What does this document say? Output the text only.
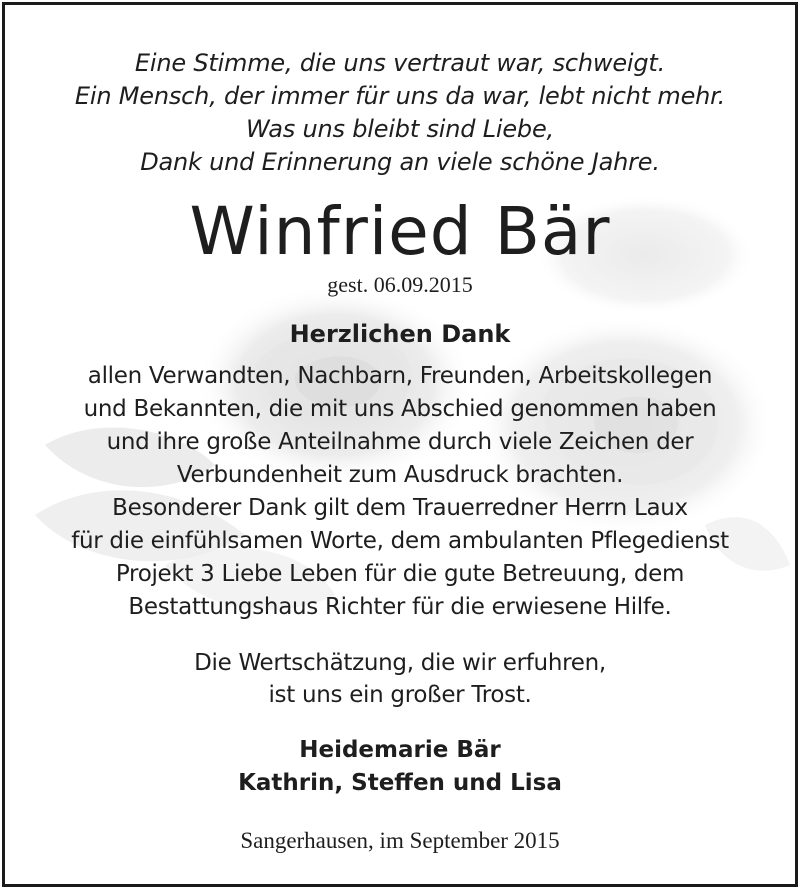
Eine Stimme, die uns vertraut war, schweigt.
Ein Mensch, der immer für uns da war, lebt nicht mehr.
Was uns bleibt sind Liebe,
Dank und Erinnerung an viele schöne Jahre.
Winfried Bär
gest. 06.09.2015
Herzlichen Dank
allen Verwandten, Nachbarn, Freunden, Arbeitskollegen
und Bekannten, die mit uns Abschied genommen haben
und ihre große Anteilnahme durch viele Zeichen der
Verbundenheit zum Ausdruck brachten.
Besonderer Dank gilt dem Trauerredner Herrn Laux
für die einfühlsamen Worte, dem ambulanten Pflegedienst
Projekt 3 Liebe Leben für die gute Betreuung, dem
Bestattungshaus Richter für die erwiesene Hilfe.
Die Wertschätzung, die wir erfuhren,
ist uns ein großer Trost.
Heidemarie Bär
Kathrin, Steffen und Lisa
Sangerhausen, im September 2015
